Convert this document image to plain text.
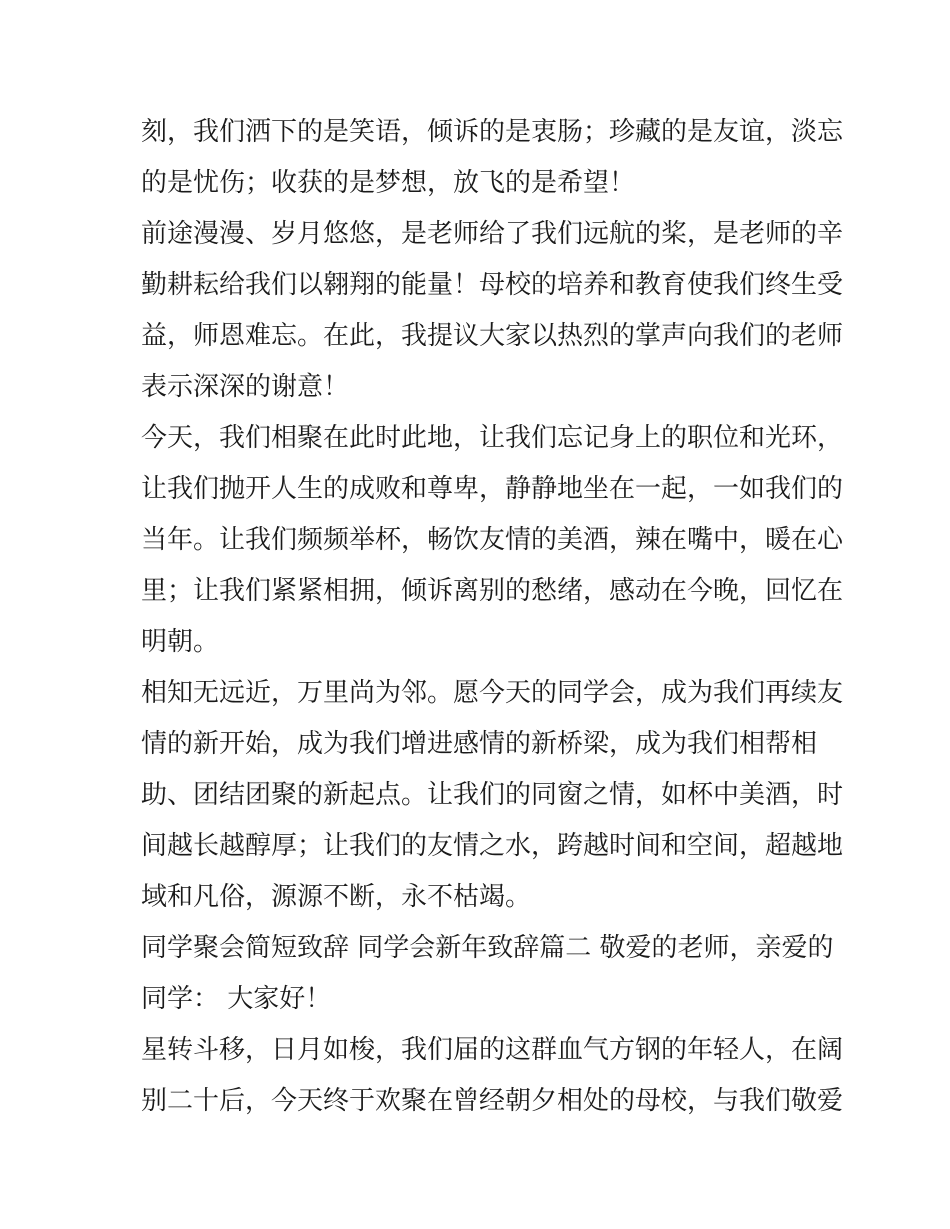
刻，我们洒下的是笑语，倾诉的是衷肠；珍藏的是友谊，淡忘
的是忧伤；收获的是梦想，放飞的是希望！
前途漫漫、岁月悠悠，是老师给了我们远航的桨，是老师的辛
勤耕耘给我们以翱翔的能量！母校的培养和教育使我们终生受
益，师恩难忘。在此，我提议大家以热烈的掌声向我们的老师
表示深深的谢意！
今天，我们相聚在此时此地，让我们忘记身上的职位和光环，
让我们抛开人生的成败和尊卑，静静地坐在一起，一如我们的
当年。让我们频频举杯，畅饮友情的美酒，辣在嘴中，暖在心
里；让我们紧紧相拥，倾诉离别的愁绪，感动在今晚，回忆在
明朝。
相知无远近，万里尚为邻。愿今天的同学会，成为我们再续友
情的新开始，成为我们增进感情的新桥梁，成为我们相帮相
助、团结团聚的新起点。让我们的同窗之情，如杯中美酒，时
间越长越醇厚；让我们的友情之水，跨越时间和空间，超越地
域和凡俗，源源不断，永不枯竭。
同学聚会简短致辞 同学会新年致辞篇二 敬爱的老师，亲爱的
同学： 大家好！
星转斗移，日月如梭，我们届的这群血气方钢的年轻人，在阔
别二十后，今天终于欢聚在曾经朝夕相处的母校，与我们敬爱
